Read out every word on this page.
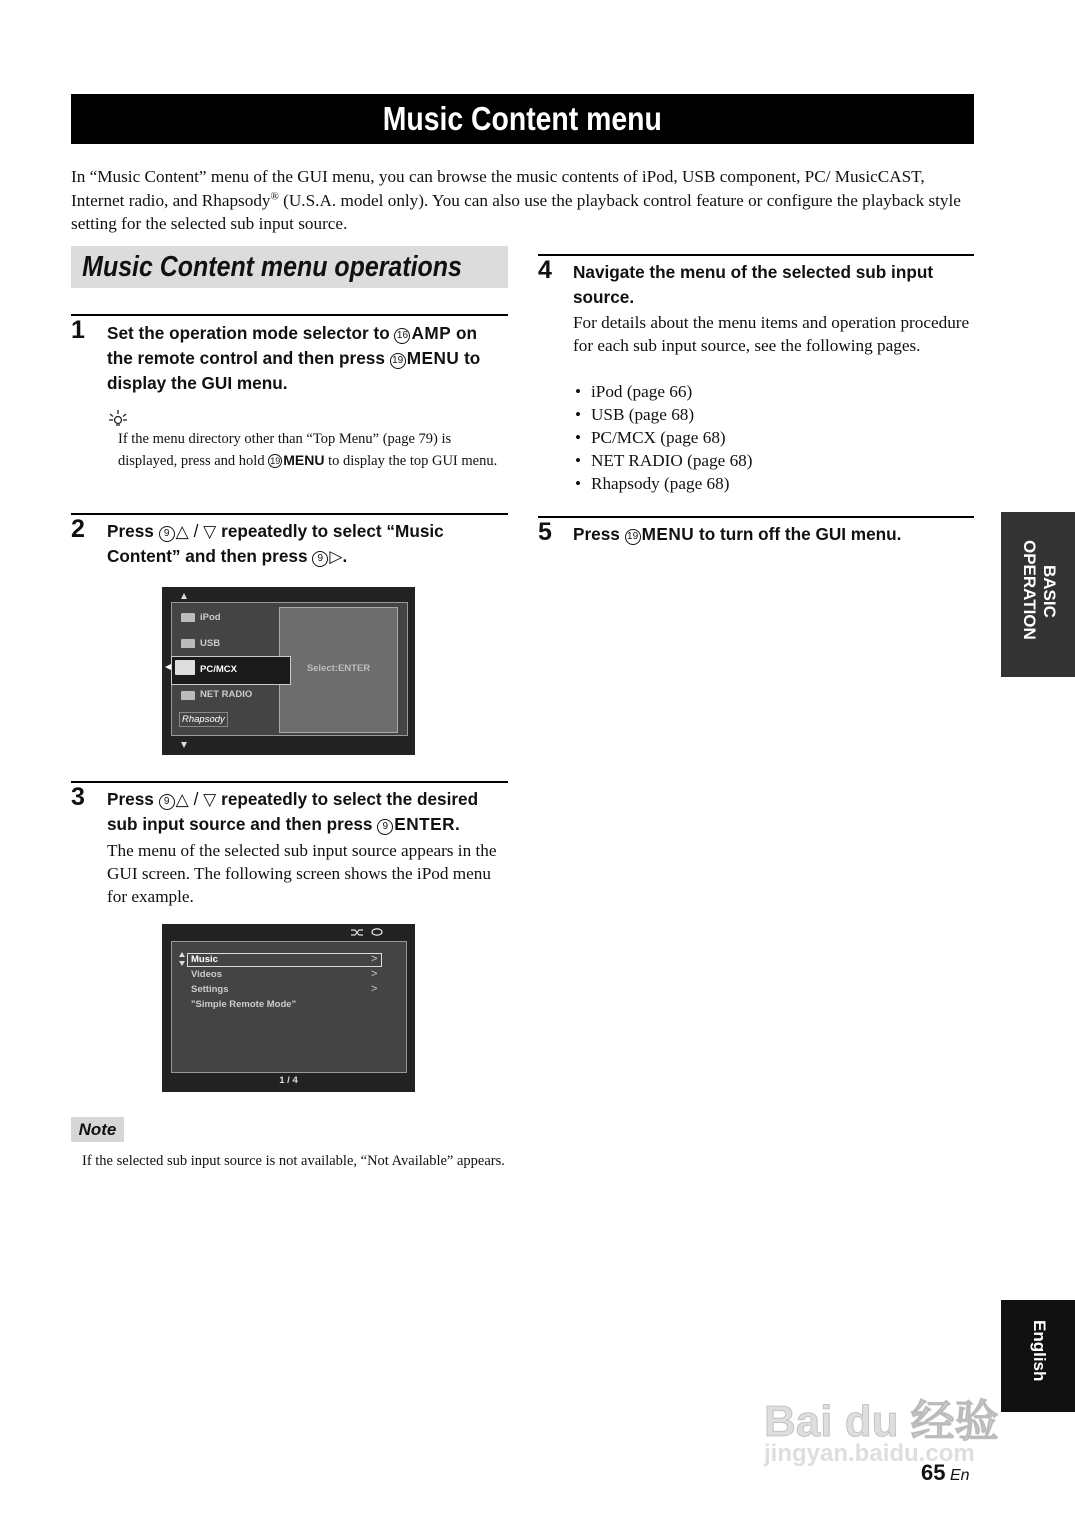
Music Content menu
In “Music Content” menu of the GUI menu, you can browse the music contents of iPod, USB component, PC/ MusicCAST, Internet radio, and Rhapsody® (U.S.A. model only). You can also use the playback control feature or configure the playback style setting for the selected sub input source.
Music Content menu operations
1 Set the operation mode selector to 16 AMP on the remote control and then press 19 MENU to display the GUI menu.
If the menu directory other than “Top Menu” (page 79) is displayed, press and hold 19 MENU to display the top GUI menu.
2 Press 9 △ / ▽ repeatedly to select “Music Content” and then press 9 ▷.
Select:ENTER
iPod
USB
PC/MCX
NET RADIO
Rhapsody
3 Press 9 △ / ▽ repeatedly to select the desired sub input source and then press 9 ENTER.
The menu of the selected sub input source appears in the GUI screen. The following screen shows the iPod menu for example.
Music
Videos
Settings
"Simple Remote Mode"
>
>
>
1 / 4
Note
If the selected sub input source is not available, “Not Available” appears.
4 Navigate the menu of the selected sub input source.
For details about the menu items and operation procedure for each sub input source, see the following pages.
• iPod (page 66)
• USB (page 68)
• PC/MCX (page 68)
• NET RADIO (page 68)
• Rhapsody (page 68)
5 Press 19 MENU to turn off the GUI menu.
OPERATION BASIC
English
Bai du 经验
jingyan.baidu.com
65 En
